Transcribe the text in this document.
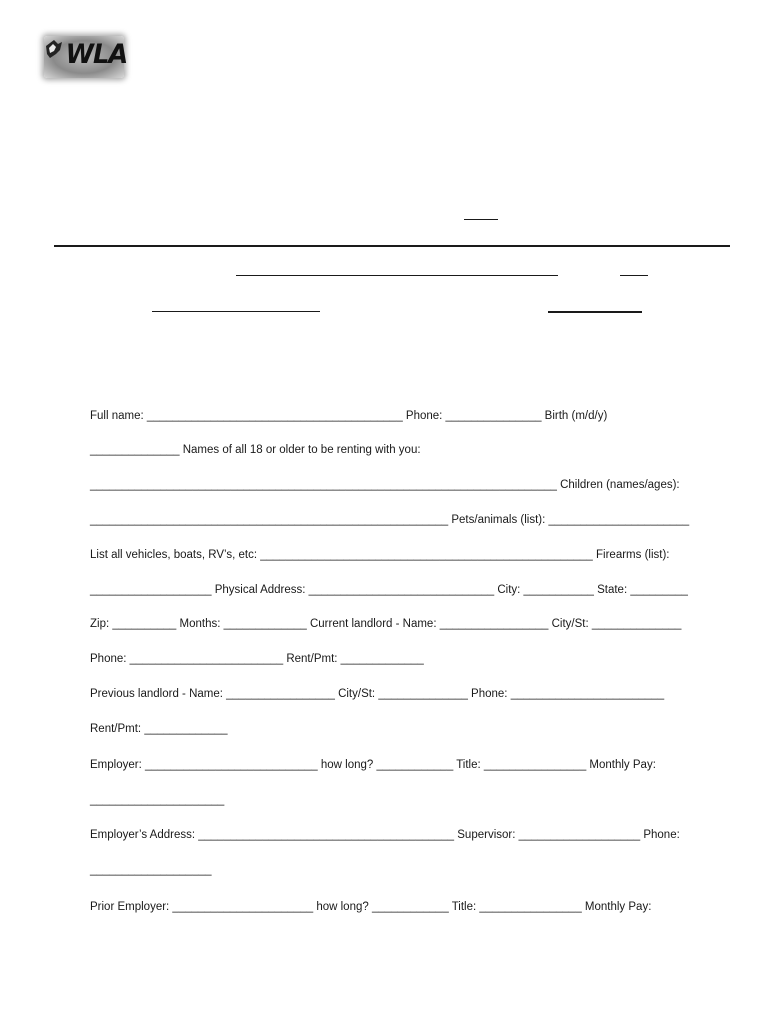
WLA
Full name: ________________________________________ Phone: _______________ Birth (m/d/y)
______________ Names of all 18 or older to be renting with you:
_________________________________________________________________________ Children (names/ages):
________________________________________________________ Pets/animals (list): ______________________
List all vehicles, boats, RV’s, etc: ____________________________________________________ Firearms (list):
___________________ Physical Address: _____________________________ City: ___________ State: _________
Zip: __________ Months: _____________ Current landlord - Name: _________________ City/St: ______________
Phone: ________________________ Rent/Pmt: _____________
Previous landlord - Name: _________________ City/St: ______________ Phone: ________________________
Rent/Pmt: _____________
Employer: ___________________________ how long? ____________ Title: ________________ Monthly Pay:
_____________________
Employer’s Address: ________________________________________ Supervisor: ___________________ Phone:
___________________
Prior Employer: ______________________ how long? ____________ Title: ________________ Monthly Pay:
